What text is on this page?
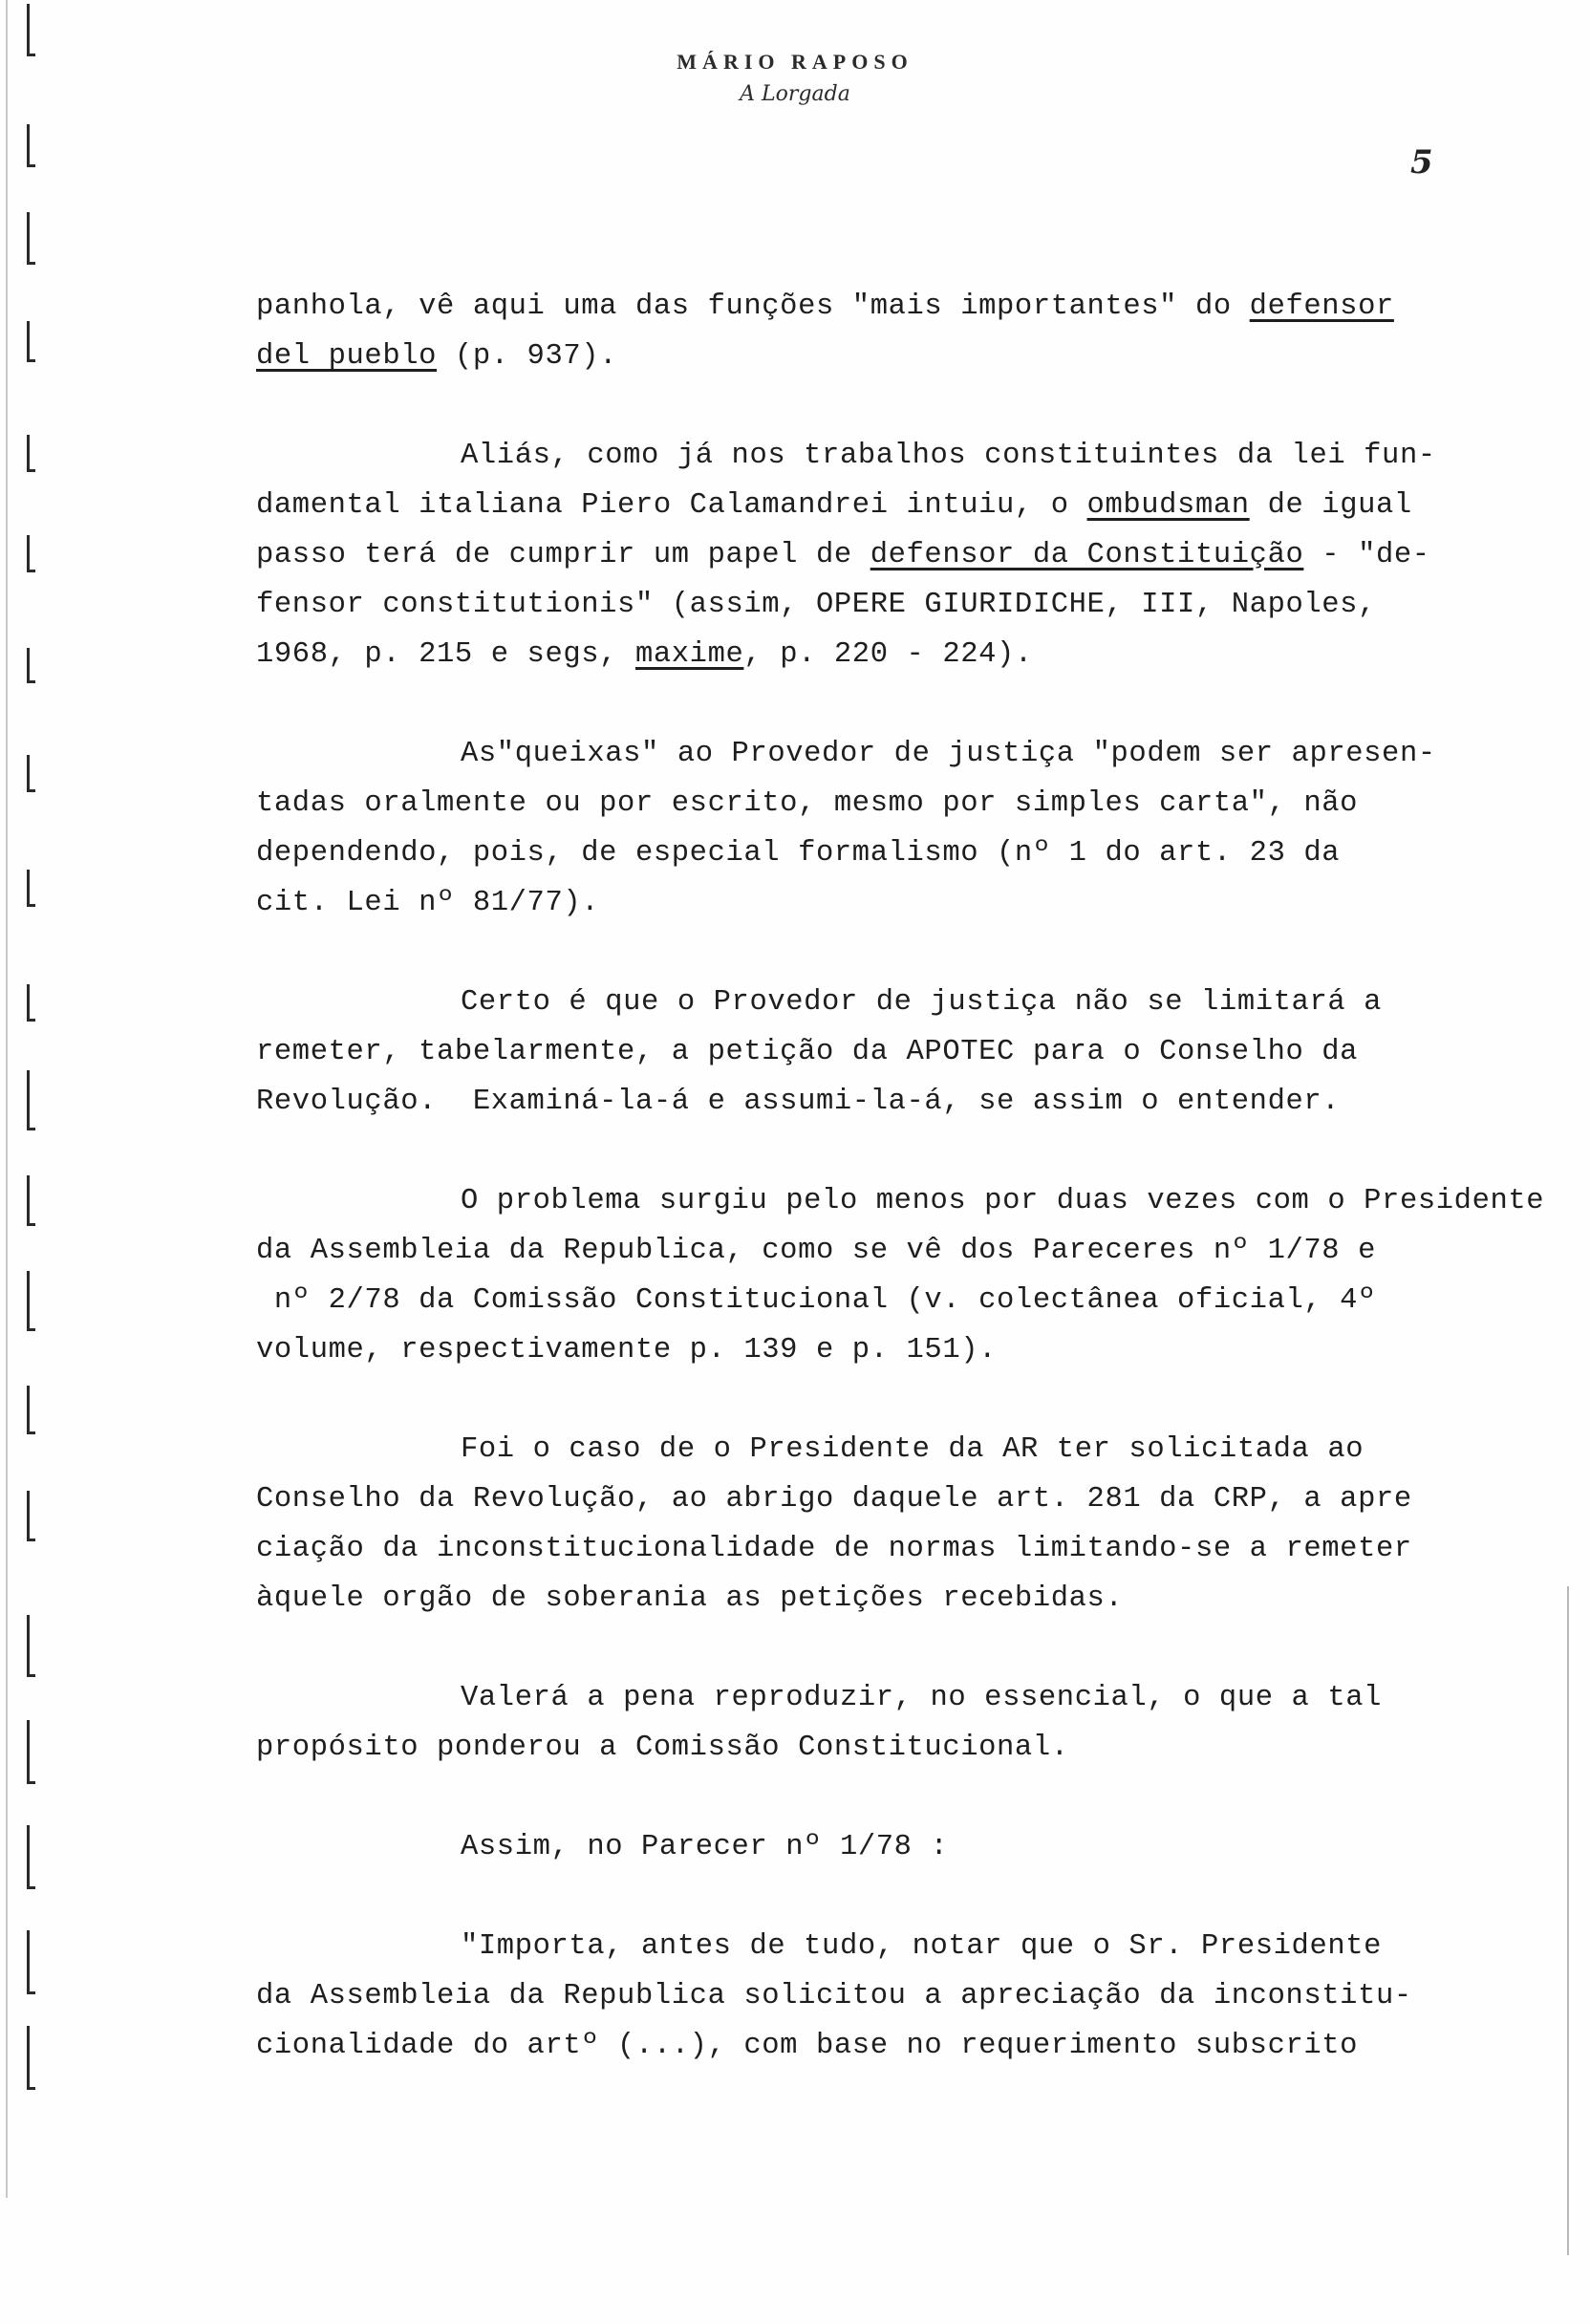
MÁRIO RAPOSO
A Lorgada
5
panhola, vê aqui uma das funções "mais importantes" do defensor
del pueblo (p. 937).
Aliás, como já nos trabalhos constituintes da lei fun-
damental italiana Piero Calamandrei intuiu, o ombudsman de igual
passo terá de cumprir um papel de defensor da Constituição - "de-
fensor constitutionis" (assim, OPERE GIURIDICHE, III, Napoles,
1968, p. 215 e segs, maxime, p. 220 - 224).
As"queixas" ao Provedor de justiça "podem ser apresen-
tadas oralmente ou por escrito, mesmo por simples carta", não
dependendo, pois, de especial formalismo (nº 1 do art. 23 da
cit. Lei nº 81/77).
Certo é que o Provedor de justiça não se limitará a
remeter, tabelarmente, a petição da APOTEC para o Conselho da
Revolução.  Examiná-la-á e assumi-la-á, se assim o entender.
O problema surgiu pelo menos por duas vezes com o Presidente
da Assembleia da Republica, como se vê dos Pareceres nº 1/78 e
nº 2/78 da Comissão Constitucional (v. colectânea oficial, 4º
volume, respectivamente p. 139 e p. 151).
Foi o caso de o Presidente da AR ter solicitada ao
Conselho da Revolução, ao abrigo daquele art. 281 da CRP, a apre
ciação da inconstitucionalidade de normas limitando-se a remeter
àquele orgão de soberania as petições recebidas.
Valerá a pena reproduzir, no essencial, o que a tal
propósito ponderou a Comissão Constitucional.
Assim, no Parecer nº 1/78 :
"Importa, antes de tudo, notar que o Sr. Presidente
da Assembleia da Republica solicitou a apreciação da inconstitu-
cionalidade do artº (...), com base no requerimento subscrito
